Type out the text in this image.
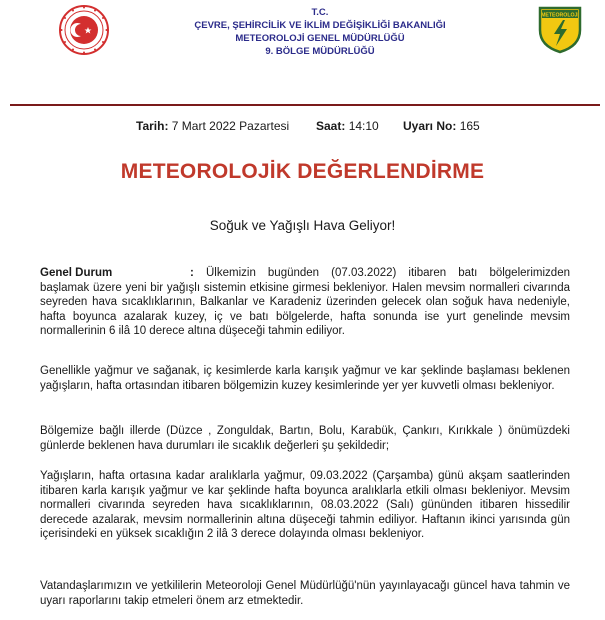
T.C.
ÇEVRE, ŞEHİRCİLİK VE İKLİM DEĞİŞİKLİĞİ BAKANLIĞI
METEOROLOJİ GENEL MÜDÜRLÜĞÜ
9. BÖLGE MÜDÜRLÜĞÜ
METEOROLOJI
Tarih: 7 Mart 2022 Pazartesi Saat: 14:10 Uyarı No: 165
METEOROLOJİK DEĞERLENDİRME
Soğuk ve Yağışlı Hava Geliyor!
Genel Durum	: Ülkemizin bugünden (07.03.2022) itibaren batı bölgelerimizden başlamak üzere yeni bir yağışlı sistemin etkisine girmesi bekleniyor. Halen mevsim normalleri civarında seyreden hava sıcaklıklarının, Balkanlar ve Karadeniz üzerinden gelecek olan soğuk hava nedeniyle, hafta boyunca azalarak kuzey, iç ve batı bölgelerde, hafta sonunda ise yurt genelinde mevsim normallerinin 6 ilâ 10 derece altına düşeceği tahmin ediliyor.
Genellikle yağmur ve sağanak, iç kesimlerde karla karışık yağmur ve kar şeklinde başlaması beklenen yağışların, hafta ortasından itibaren bölgemizin kuzey kesimlerinde yer yer kuvvetli olması bekleniyor.
Bölgemize bağlı illerde (Düzce , Zonguldak, Bartın, Bolu, Karabük, Çankırı, Kırıkkale ) önümüzdeki günlerde beklenen hava durumları ile sıcaklık değerleri şu şekildedir;
Yağışların, hafta ortasına kadar aralıklarla yağmur, 09.03.2022 (Çarşamba) günü akşam saatlerinden itibaren karla karışık yağmur ve kar şeklinde hafta boyunca aralıklarla etkili olması bekleniyor. Mevsim normalleri civarında seyreden hava sıcaklıklarının, 08.03.2022 (Salı) gününden itibaren hissedilir derecede azalarak, mevsim normallerinin altına düşeceği tahmin ediliyor. Haftanın ikinci yarısında gün içerisindeki en yüksek sıcaklığın 2 ilâ 3 derece dolayında olması bekleniyor.
Vatandaşlarımızın ve yetkililerin Meteoroloji Genel Müdürlüğü'nün yayınlayacağı güncel hava tahmin ve uyarı raporlarını takip etmeleri önem arz etmektedir.
